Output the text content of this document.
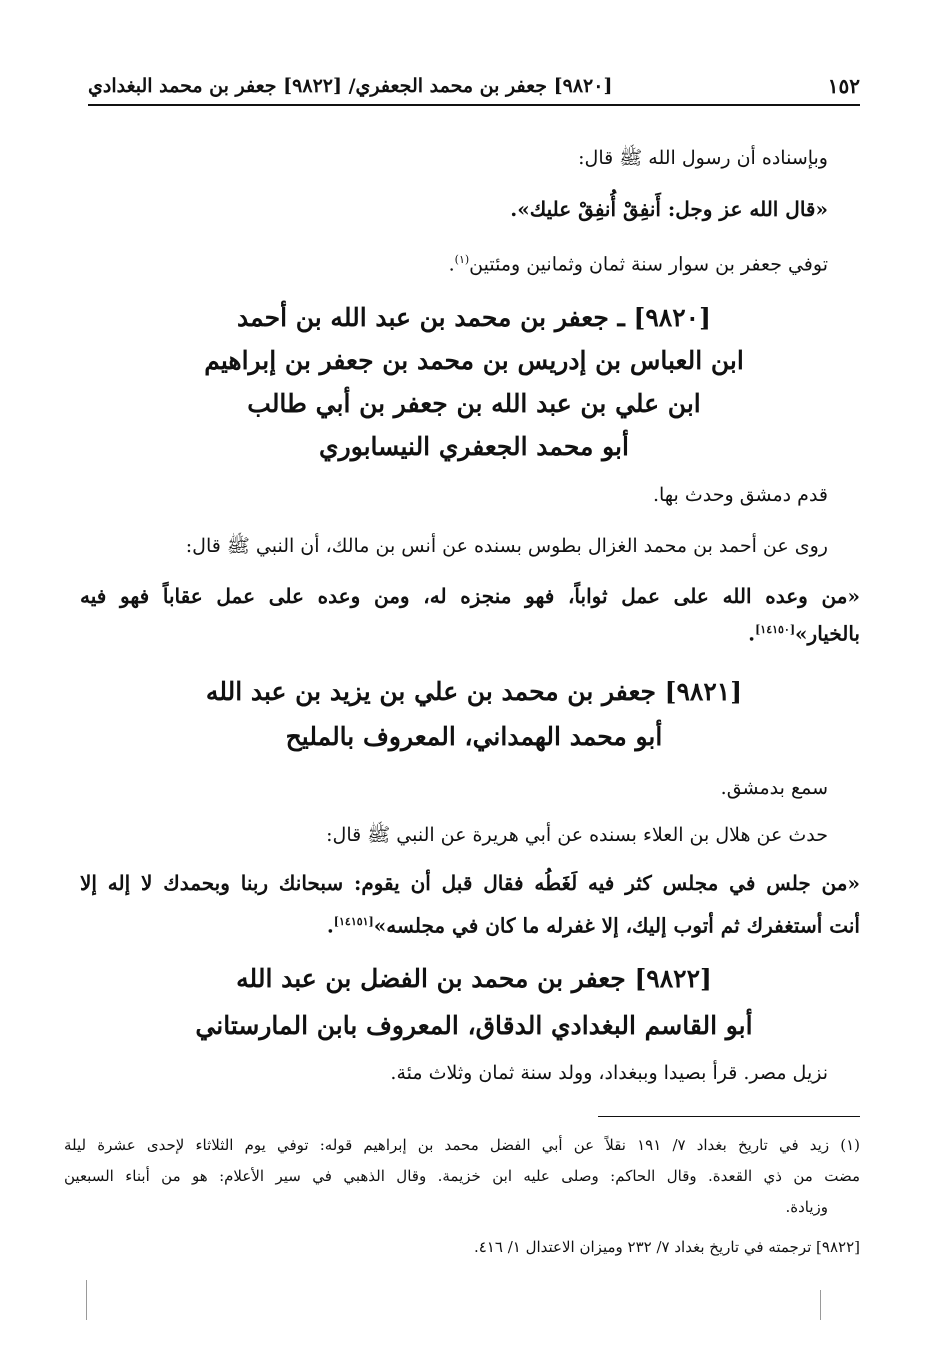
[٩٨٢٠] جعفر بن محمد الجعفري/ [٩٨٢٢] جعفر بن محمد البغدادي	١٥٢
وبإسناده أن رسول الله ﷺ قال:
«قال الله عز وجل: أَنفِقْ أُنفِقْ عليك».
توفي جعفر بن سوار سنة ثمان وثمانين ومئتين$^{(١)}$.
[٩٨٢٠] ـ جعفر بن محمد بن عبد الله بن أحمد
ابن العباس بن إدريس بن محمد بن جعفر بن إبراهيم
ابن علي بن عبد الله بن جعفر بن أبي طالب
أبو محمد الجعفري النيسابوري
قدم دمشق وحدث بها.
روى عن أحمد بن محمد الغزال بطوس بسنده عن أنس بن مالك، أن النبي ﷺ قال:
«من وعده الله على عمل ثواباً، فهو منجزه له، ومن وعده على عمل عقاباً فهو فيه
بالخيار»[١٤١٥٠].
[٩٨٢١] جعفر بن محمد بن علي بن يزيد بن عبد الله
أبو محمد الهمداني، المعروف بالمليح
سمع بدمشق.
حدث عن هلال بن العلاء بسنده عن أبي هريرة عن النبي ﷺ قال:
«من جلس في مجلس كثر فيه لَغَطُه فقال قبل أن يقوم: سبحانك ربنا وبحمدك لا إله إلا
أنت أستغفرك ثم أتوب إليك، إلا غفرله ما كان في مجلسه»[١٤١٥١].
[٩٨٢٢] جعفر بن محمد بن الفضل بن عبد الله
أبو القاسم البغدادي الدقاق، المعروف بابن المارستاني
نزيل مصر. قرأ بصيدا وببغداد، وولد سنة ثمان وثلاث مئة.
(١) زيد في تاريخ بغداد ٧/ ١٩١ نقلاً عن أبي الفضل محمد بن إبراهيم قوله: توفي يوم الثلاثاء لإحدى عشرة ليلة
مضت من ذي القعدة. وقال الحاكم: وصلى عليه ابن خزيمة. وقال الذهبي في سير الأعلام: هو من أبناء السبعين
وزيادة.
[٩٨٢٢] ترجمته في تاريخ بغداد ٧/ ٢٣٢ وميزان الاعتدال ١/ ٤١٦.
